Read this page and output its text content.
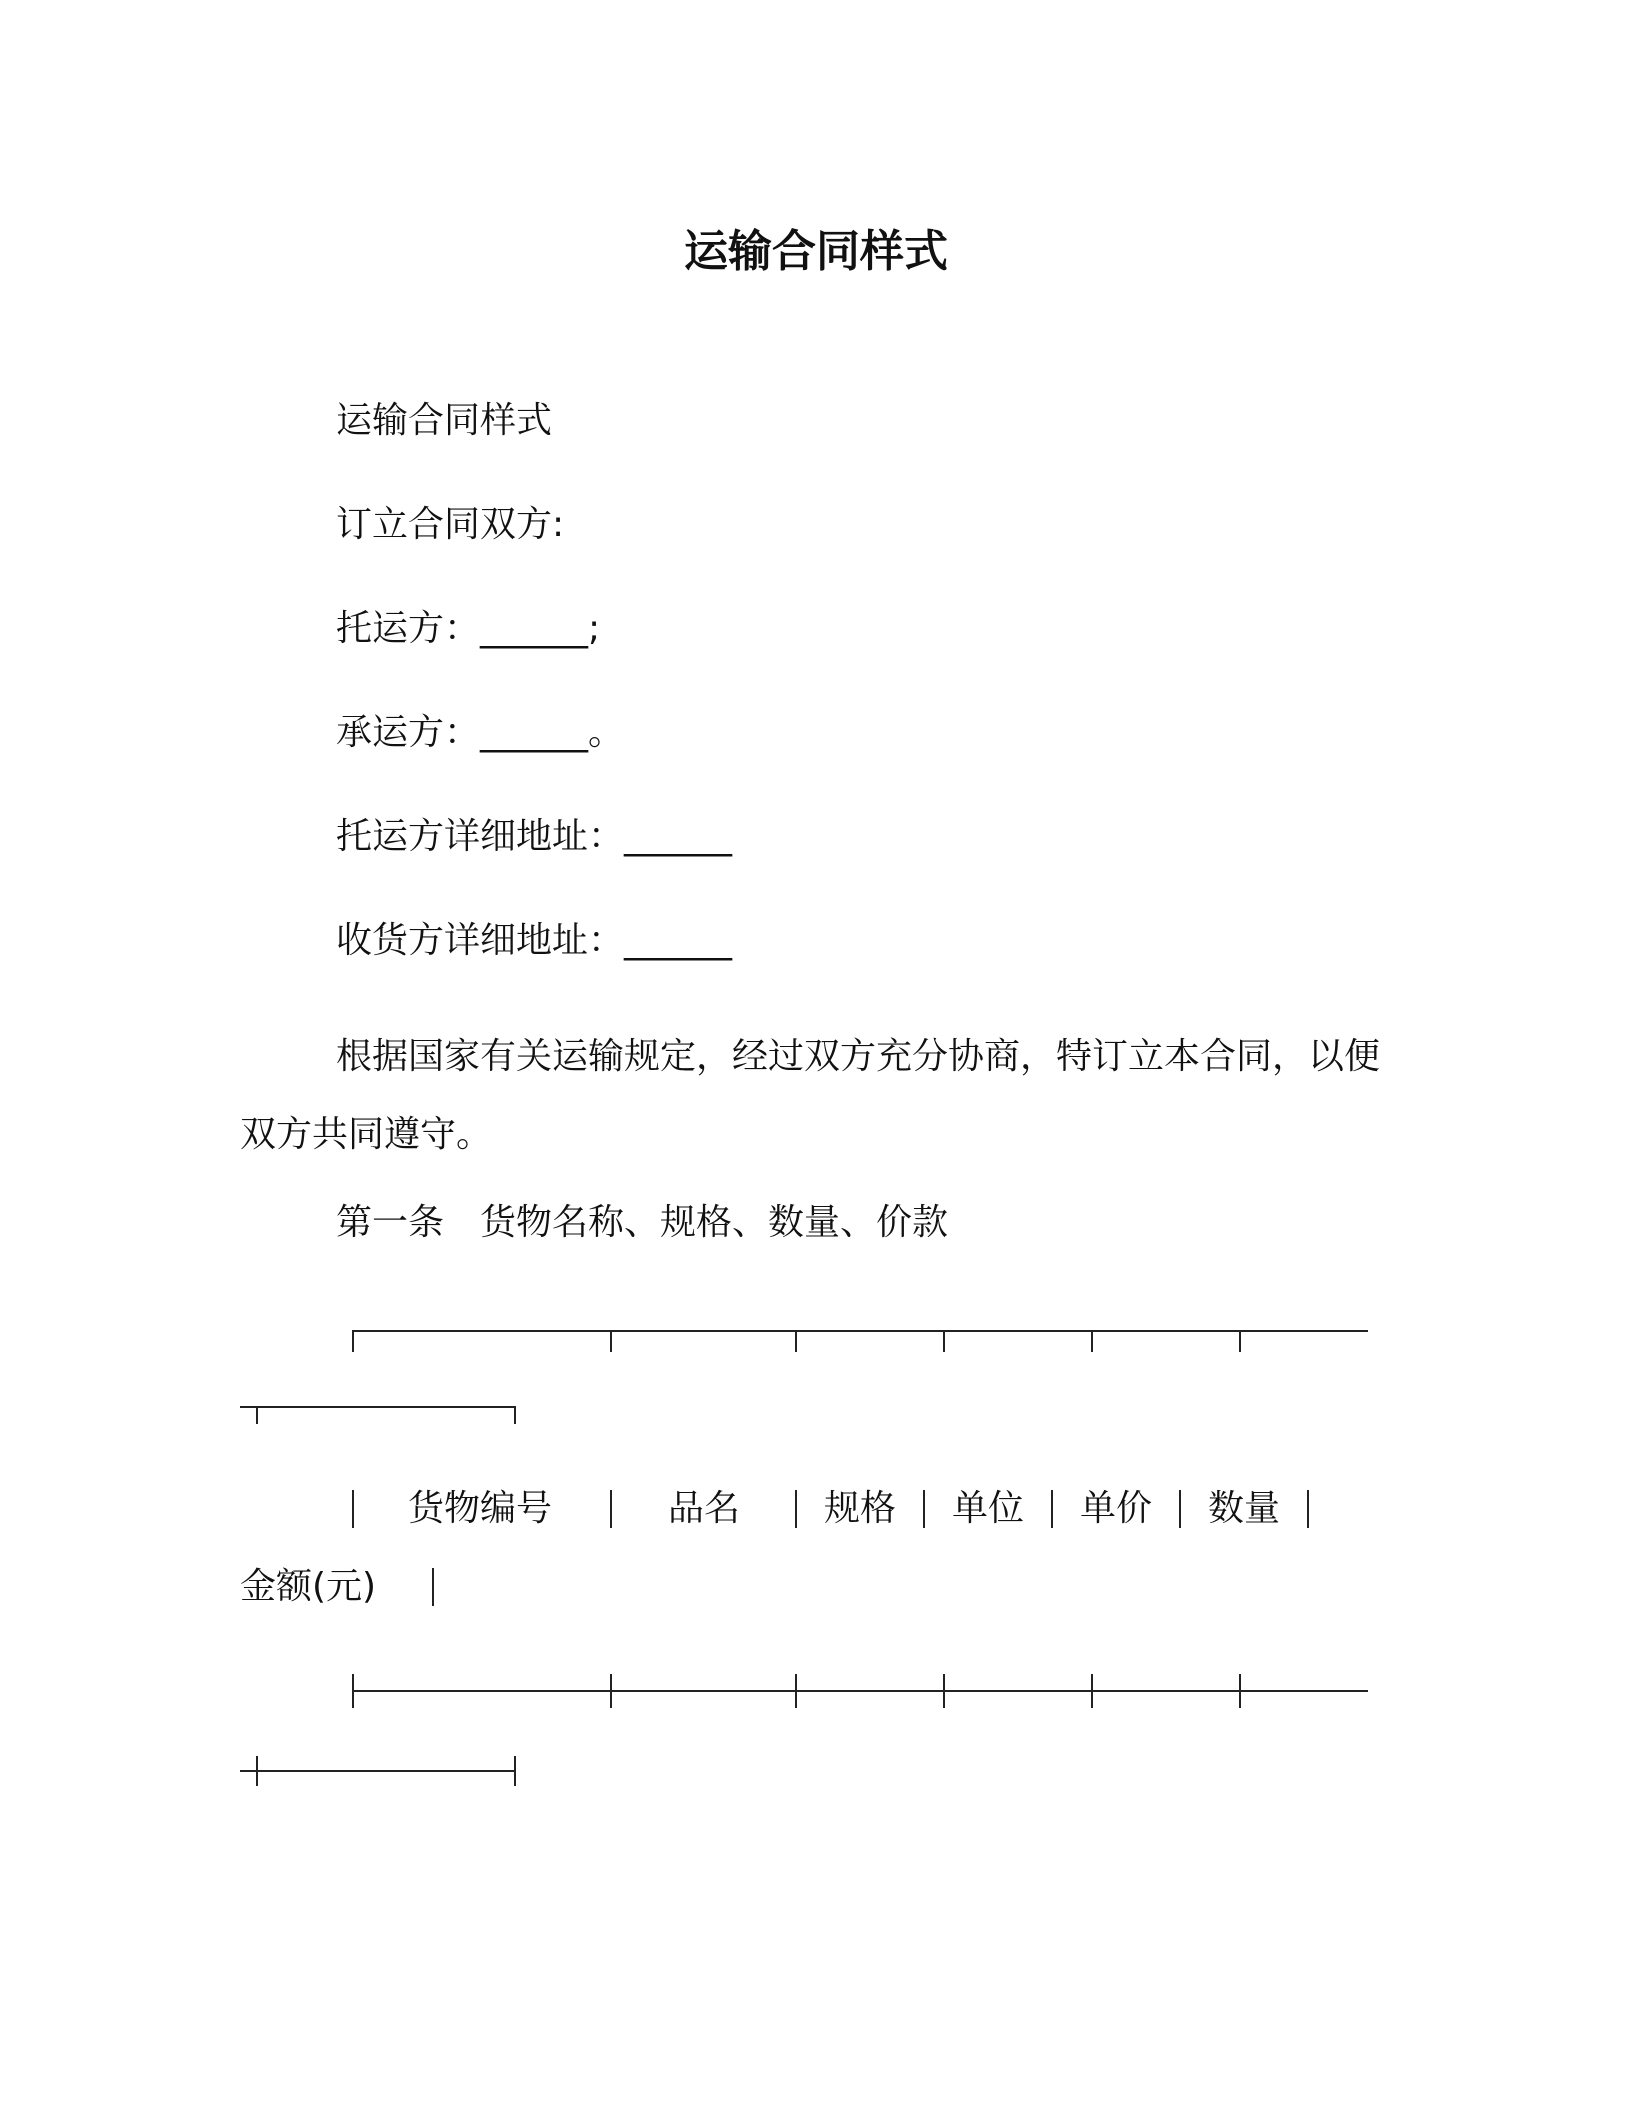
运输合同样式

运输合同样式

订立合同双方:

托运方：______;

承运方：______。

托运方详细地址：______

收货方详细地址：______

根据国家有关运输规定，经过双方充分协商，特订立本合同，以便双方共同遵守。

第一条　货物名称、规格、数量、价款

货物编号	品名 规格 单位 单价 数量
金额(元)
